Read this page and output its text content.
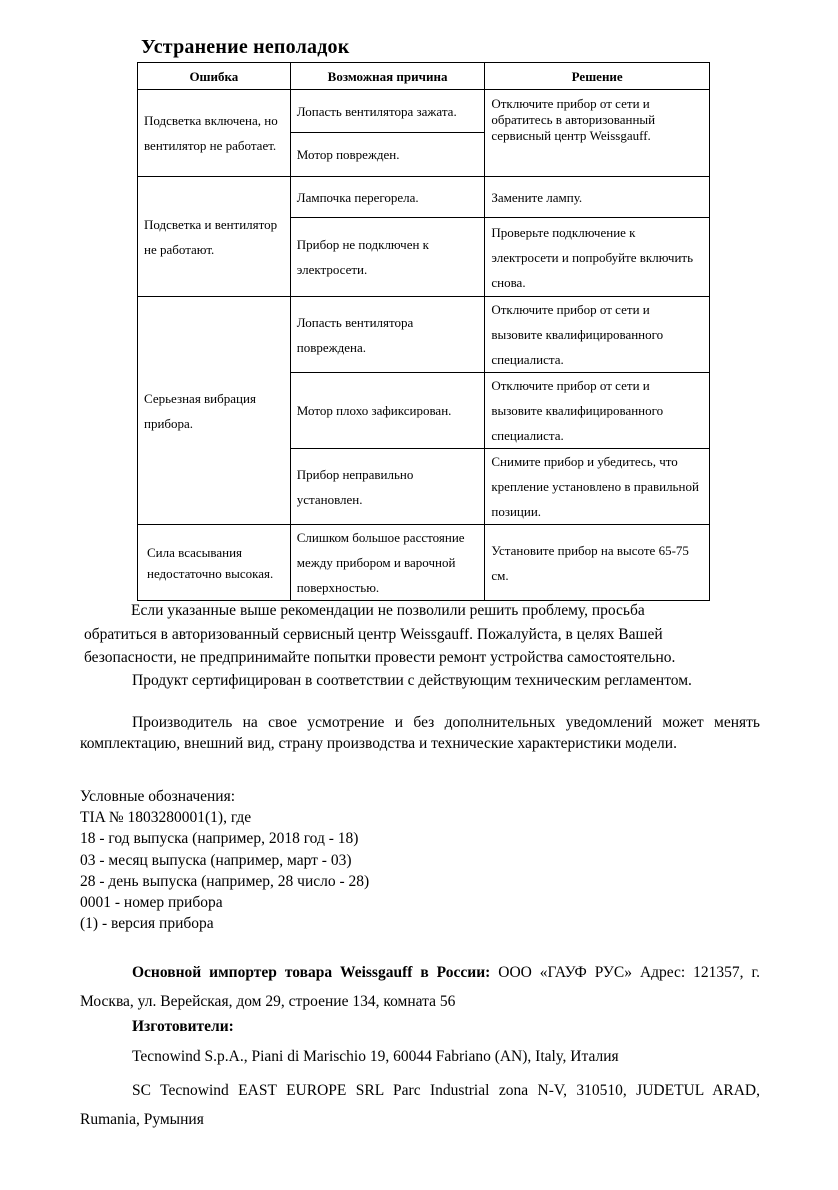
Устранение неполадок
Ошибка	Возможная причина	Решение
Подсветка включена, но вентилятор не работает.	Лопасть вентилятора зажата.	Отключите прибор от сети и обратитесь в авторизованный сервисный центр Weissgauff.
	Мотор поврежден.	
Подсветка и вентилятор не работают.	Лампочка перегорела.	Замените лампу.
	Прибор не подключен к электросети.	Проверьте подключение к электросети и попробуйте включить снова.
Серьезная вибрация прибора.	Лопасть вентилятора повреждена.	Отключите прибор от сети и вызовите квалифицированного специалиста.
	Мотор плохо зафиксирован.	Отключите прибор от сети и вызовите квалифицированного специалиста.
	Прибор неправильно установлен.	Снимите прибор и убедитесь, что крепление установлено в правильной позиции.
Сила всасывания недостаточно высокая.	Слишком большое расстояние между прибором и варочной поверхностью.	Установите прибор на высоте 65-75 см.
Если указанные выше рекомендации не позволили решить проблему, просьба
обратиться в авторизованный сервисный центр Weissgauff. Пожалуйста, в целях Вашей
безопасности, не предпринимайте попытки провести ремонт устройства самостоятельно.
Продукт сертифицирован в соответствии с действующим техническим регламентом.
Производитель на свое усмотрение и без дополнительных уведомлений может менять комплектацию, внешний вид, страну производства и технические характеристики модели.
Условные обозначения:
TIA № 1803280001(1), где
18 - год выпуска (например, 2018 год - 18)
03 - месяц выпуска (например, март - 03)
28 - день выпуска (например, 28 число - 28)
0001 - номер прибора
(1) - версия прибора
Основной импортер товара Weissgauff в России: ООО «ГАУФ РУС» Адрес: 121357, г. Москва, ул. Верейская, дом 29, строение 134, комната 56
Изготовители:
Tecnowind S.p.A., Piani di Marischio 19, 60044 Fabriano (AN), Italy, Италия
SC Tecnowind EAST EUROPE SRL Parc Industrial zona N-V, 310510, JUDETUL ARAD, Rumania, Румыния
